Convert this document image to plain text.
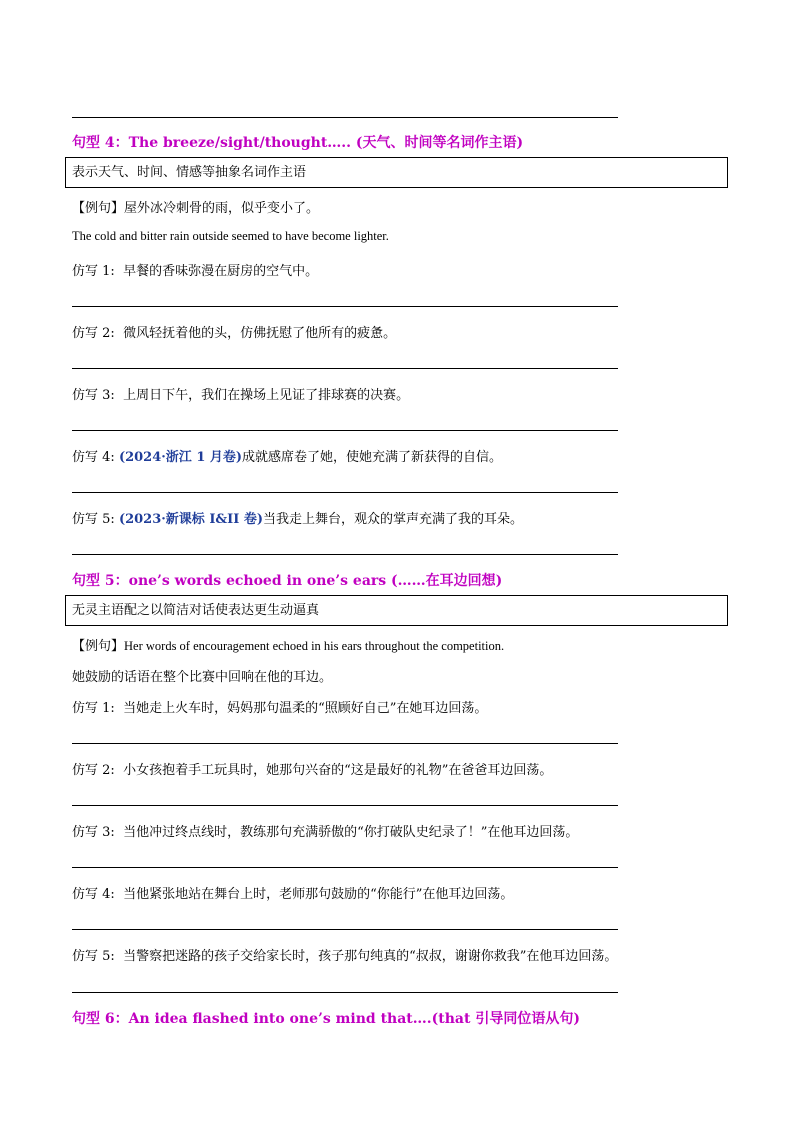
句型 4：The breeze/sight/thought….. (天气、时间等名词作主语)
表示天气、时间、情感等抽象名词作主语
【例句】屋外冰冷刺骨的雨，似乎变小了。
The cold and bitter rain outside seemed to have become lighter.
仿写 1: 早餐的香味弥漫在厨房的空气中。
仿写 2: 微风轻抚着他的头，仿佛抚慰了他所有的疲惫。
仿写 3: 上周日下午，我们在操场上见证了排球赛的决赛。
仿写 4: (2024·浙江 1 月卷)成就感席卷了她，使她充满了新获得的自信。
仿写 5: (2023·新课标 I&II 卷)当我走上舞台，观众的掌声充满了我的耳朵。
句型 5：one’s words echoed in one’s ears (……在耳边回想)
无灵主语配之以简洁对话使表达更生动逼真
【例句】Her words of encouragement echoed in his ears throughout the competition.
她鼓励的话语在整个比赛中回响在他的耳边。
仿写 1: 当她走上火车时，妈妈那句温柔的“照顾好自己”在她耳边回荡。
仿写 2: 小女孩抱着手工玩具时，她那句兴奋的“这是最好的礼物”在爸爸耳边回荡。
仿写 3: 当他冲过终点线时，教练那句充满骄傲的“你打破队史纪录了！”在他耳边回荡。
仿写 4: 当他紧张地站在舞台上时，老师那句鼓励的“你能行”在他耳边回荡。
仿写 5: 当警察把迷路的孩子交给家长时，孩子那句纯真的“叔叔，谢谢你救我”在他耳边回荡。
句型 6：An idea flashed into one’s mind that….(that 引导同位语从句)
